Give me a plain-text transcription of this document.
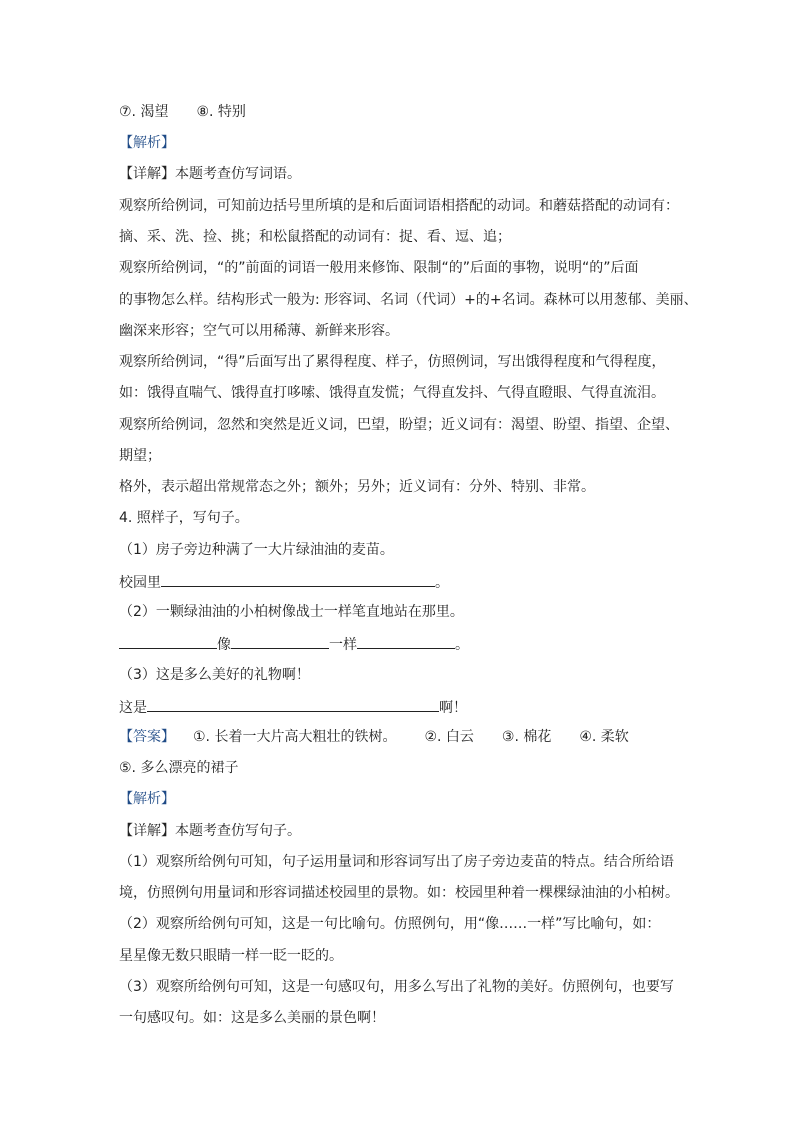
⑦. 渴望 ⑧. 特别
【解析】
【详解】本题考查仿写词语。
观察所给例词，可知前边括号里所填的是和后面词语相搭配的动词。和蘑菇搭配的动词有：
摘、采、洗、捡、挑；和松鼠搭配的动词有：捉、看、逗、追；
观察所给例词，“的”前面的词语一般用来修饰、限制“的”后面的事物，说明“的”后面
的事物怎么样。结构形式一般为: 形容词、名词（代词）+的+名词。森林可以用葱郁、美丽、
幽深来形容；空气可以用稀薄、新鲜来形容。
观察所给例词，“得”后面写出了累得程度、样子，仿照例词，写出饿得程度和气得程度，
如：饿得直喘气、饿得直打哆嗦、饿得直发慌；气得直发抖、气得直瞪眼、气得直流泪。
观察所给例词，忽然和突然是近义词，巴望，盼望；近义词有：渴望、盼望、指望、企望、
期望；
格外，表示超出常规常态之外；额外；另外；近义词有：分外、特别、非常。
4. 照样子，写句子。
（1）房子旁边种满了一大片绿油油的麦苗。
校园里	。
（2）一颗绿油油的小柏树像战士一样笔直地站在那里。
像	一样	。
（3）这是多么美好的礼物啊！
这是	啊！
【答案】 ①. 长着一大片高大粗壮的铁树。 ②. 白云 ③. 棉花 ④. 柔软
⑤. 多么漂亮的裙子
【解析】
【详解】本题考查仿写句子。
（1）观察所给例句可知，句子运用量词和形容词写出了房子旁边麦苗的特点。结合所给语
境，仿照例句用量词和形容词描述校园里的景物。如：校园里种着一棵棵绿油油的小柏树。
（2）观察所给例句可知，这是一句比喻句。仿照例句，用“像……一样”写比喻句，如：
星星像无数只眼睛一样一眨一眨的。
（3）观察所给例句可知，这是一句感叹句，用多么写出了礼物的美好。仿照例句，也要写
一句感叹句。如：这是多么美丽的景色啊！
